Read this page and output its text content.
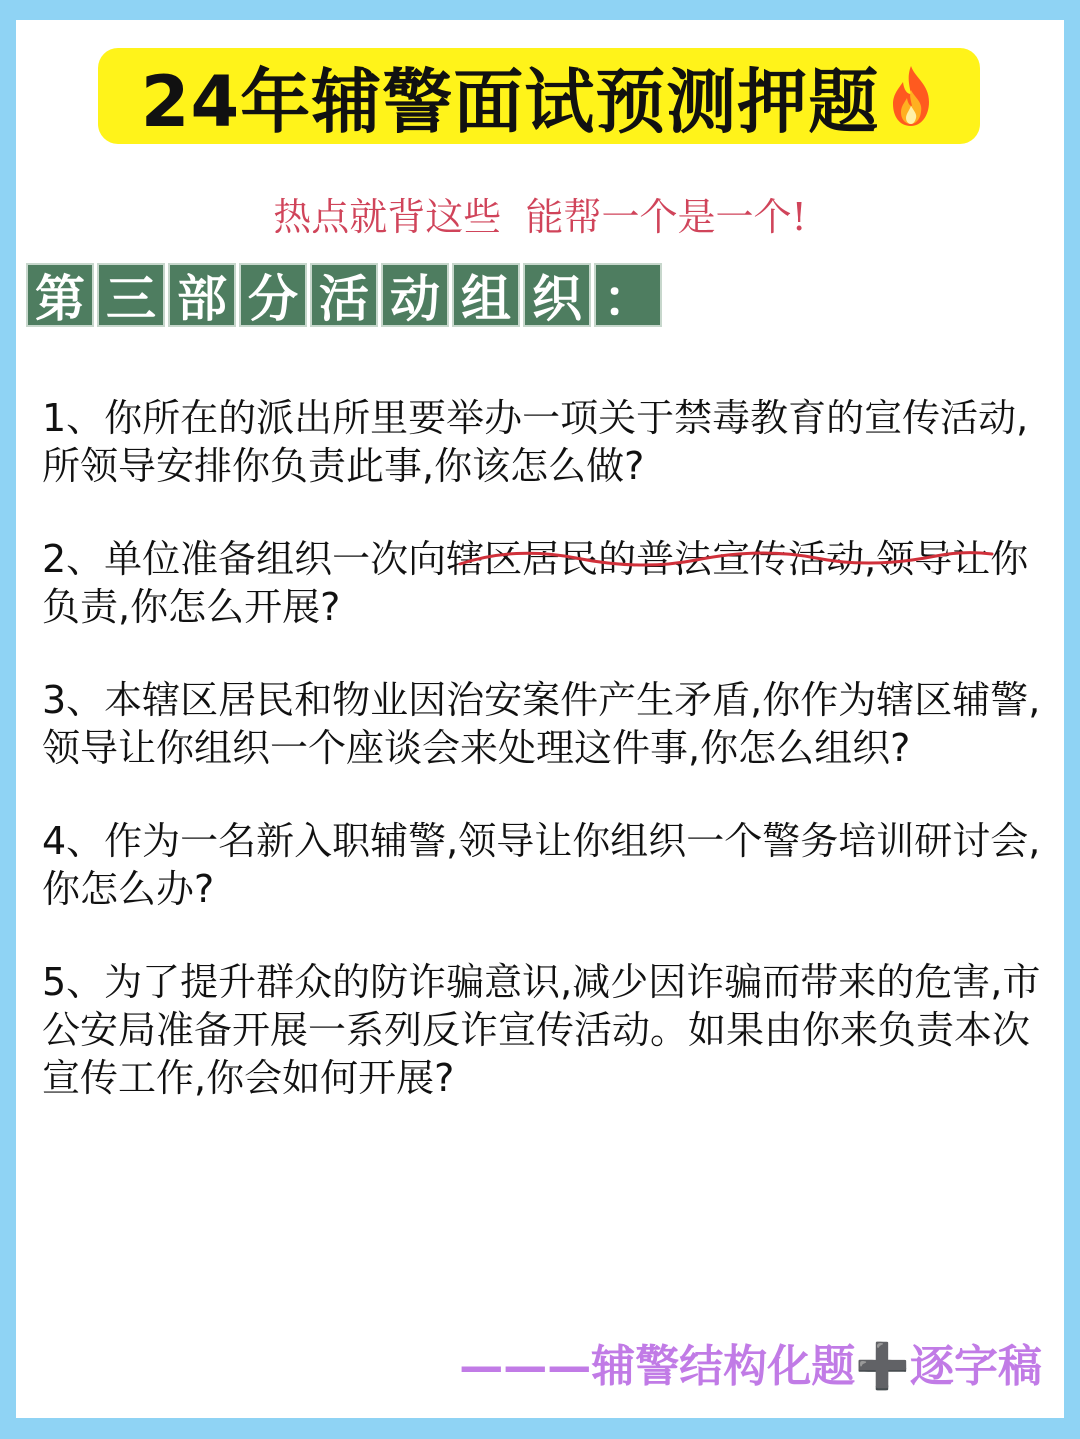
24年辅警面试预测押题
热点就背这些  能帮一个是一个!
第 三 部 分 活 动 组 织 ：

1、你所在的派出所里要举办一项关于禁毒教育的宣传活动,所领导安排你负责此事,你该怎么做?

2、单位准备组织一次向辖区居民的普法宣传活动,领导让你负责,你怎么开展?

3、本辖区居民和物业因治安案件产生矛盾,你作为辖区辅警,领导让你组织一个座谈会来处理这件事,你怎么组织?

4、作为一名新入职辅警,领导让你组织一个警务培训研讨会,你怎么办?

5、为了提升群众的防诈骗意识,减少因诈骗而带来的危害,市公安局准备开展一系列反诈宣传活动。如果由你来负责本次宣传工作,你会如何开展?

———辅警结构化题➕逐字稿
